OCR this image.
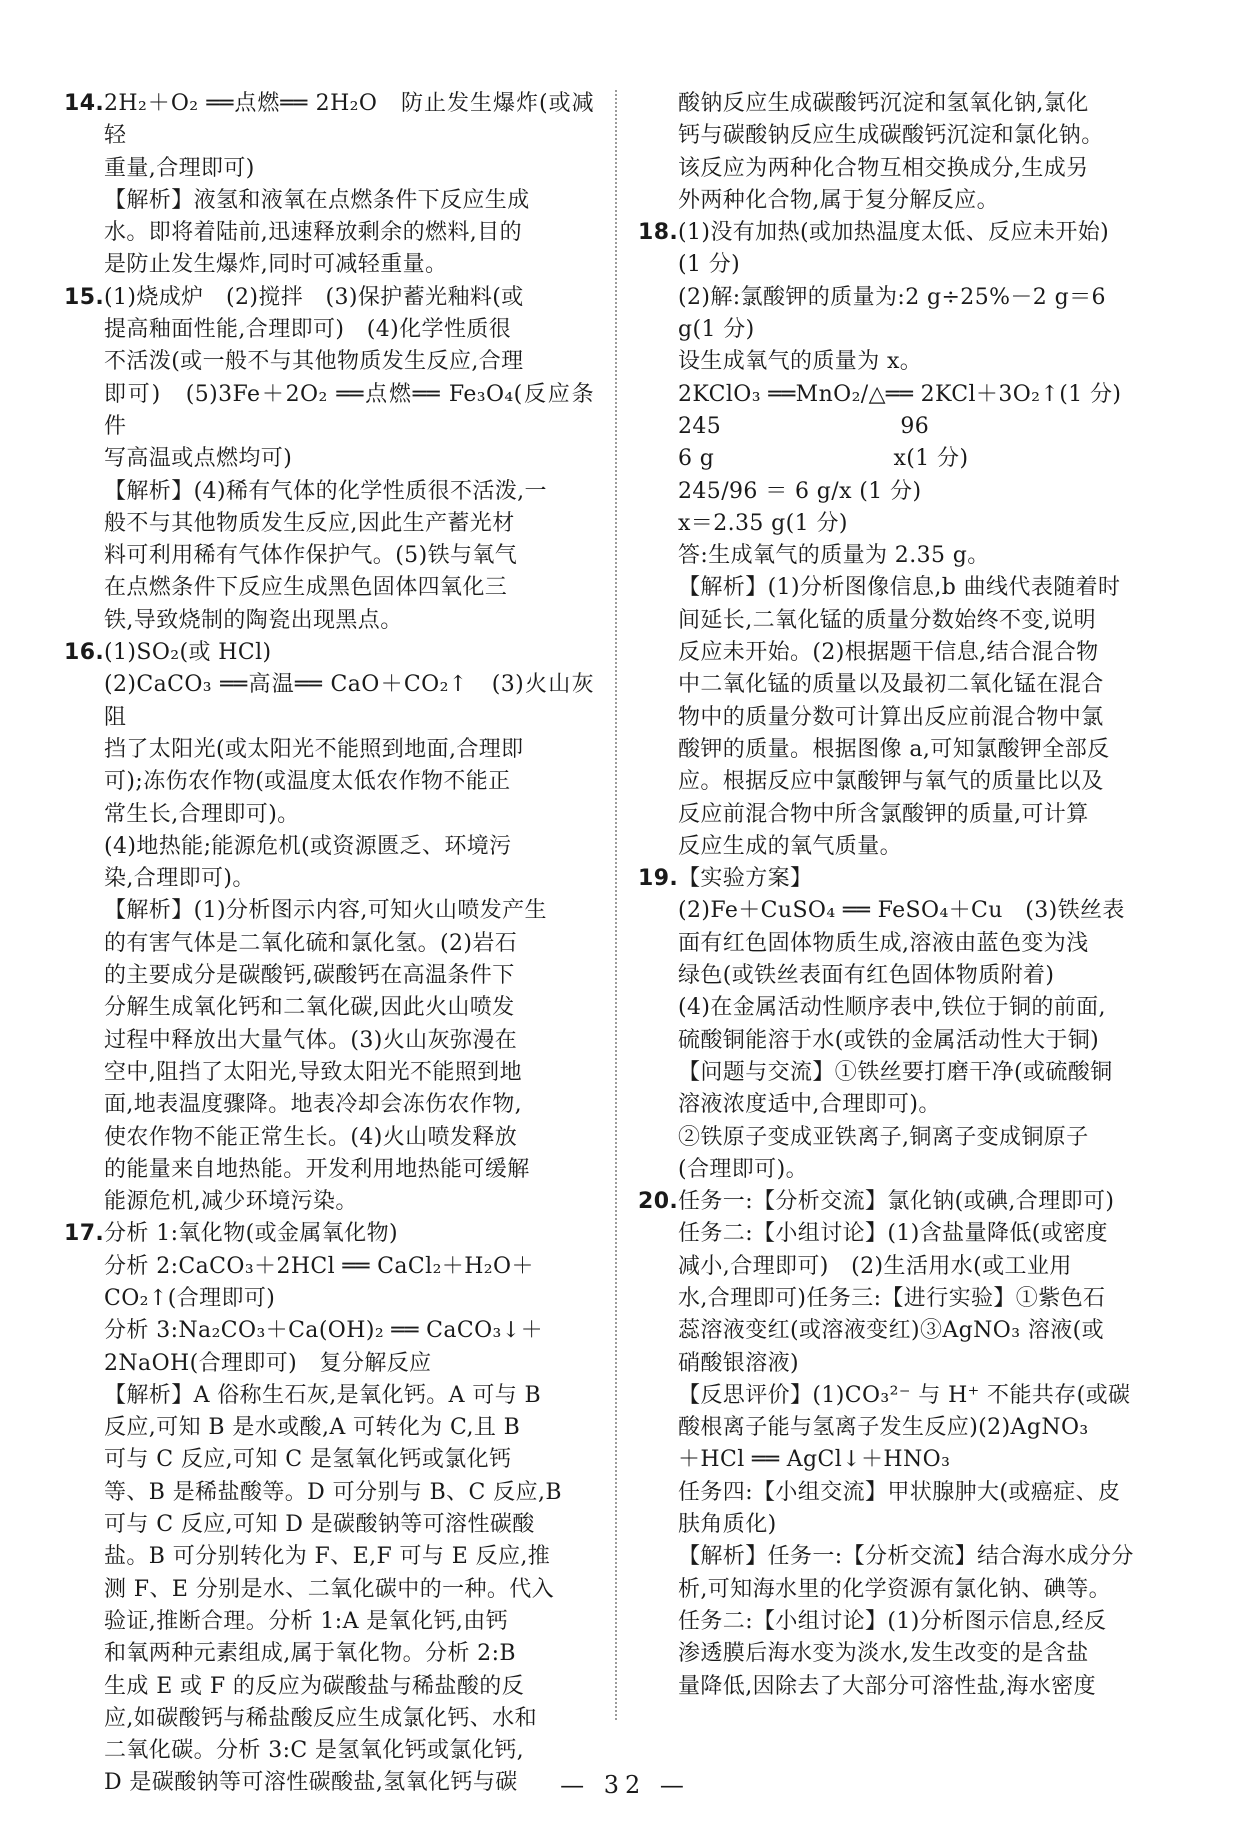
14. 2H₂＋O₂ ══点燃══ 2H₂O　防止发生爆炸(或减轻
重量,合理即可)
【解析】液氢和液氧在点燃条件下反应生成
水。即将着陆前,迅速释放剩余的燃料,目的
是防止发生爆炸,同时可减轻重量。
15. (1)烧成炉　(2)搅拌　(3)保护蓄光釉料(或
提高釉面性能,合理即可)　(4)化学性质很
不活泼(或一般不与其他物质发生反应,合理
即可)　(5)3Fe＋2O₂ ══点燃══ Fe₃O₄(反应条件
写高温或点燃均可)
【解析】(4)稀有气体的化学性质很不活泼,一
般不与其他物质发生反应,因此生产蓄光材
料可利用稀有气体作保护气。(5)铁与氧气
在点燃条件下反应生成黑色固体四氧化三
铁,导致烧制的陶瓷出现黑点。
16. (1)SO₂(或 HCl)
(2)CaCO₃ ══高温══ CaO＋CO₂↑　(3)火山灰阻
挡了太阳光(或太阳光不能照到地面,合理即
可);冻伤农作物(或温度太低农作物不能正
常生长,合理即可)。
(4)地热能;能源危机(或资源匮乏、环境污
染,合理即可)。
【解析】(1)分析图示内容,可知火山喷发产生
的有害气体是二氧化硫和氯化氢。(2)岩石
的主要成分是碳酸钙,碳酸钙在高温条件下
分解生成氧化钙和二氧化碳,因此火山喷发
过程中释放出大量气体。(3)火山灰弥漫在
空中,阻挡了太阳光,导致太阳光不能照到地
面,地表温度骤降。地表冷却会冻伤农作物,
使农作物不能正常生长。(4)火山喷发释放
的能量来自地热能。开发利用地热能可缓解
能源危机,减少环境污染。
17. 分析 1:氧化物(或金属氧化物)
分析 2:CaCO₃＋2HCl ══ CaCl₂＋H₂O＋
CO₂↑(合理即可)
分析 3:Na₂CO₃＋Ca(OH)₂ ══ CaCO₃↓＋
2NaOH(合理即可)　复分解反应
【解析】A 俗称生石灰,是氧化钙。A 可与 B
反应,可知 B 是水或酸,A 可转化为 C,且 B
可与 C 反应,可知 C 是氢氧化钙或氯化钙
等、B 是稀盐酸等。D 可分别与 B、C 反应,B
可与 C 反应,可知 D 是碳酸钠等可溶性碳酸
盐。B 可分别转化为 F、E,F 可与 E 反应,推
测 F、E 分别是水、二氧化碳中的一种。代入
验证,推断合理。分析 1:A 是氧化钙,由钙
和氧两种元素组成,属于氧化物。分析 2:B
生成 E 或 F 的反应为碳酸盐与稀盐酸的反
应,如碳酸钙与稀盐酸反应生成氯化钙、水和
二氧化碳。分析 3:C 是氢氧化钙或氯化钙,
D 是碳酸钠等可溶性碳酸盐,氢氧化钙与碳
酸钠反应生成碳酸钙沉淀和氢氧化钠,氯化
钙与碳酸钠反应生成碳酸钙沉淀和氯化钠。
该反应为两种化合物互相交换成分,生成另
外两种化合物,属于复分解反应。
18. (1)没有加热(或加热温度太低、反应未开始)
(1 分)
(2)解:氯酸钾的质量为:2 g÷25%－2 g＝6
g(1 分)
设生成氧气的质量为 x。
2KClO₃ ══MnO₂/△══ 2KCl＋3O₂↑(1 分)
245　　　　　　　　96
6 g　　　　　　　　x(1 分)
245/96 ＝ 6 g/x (1 分)
x＝2.35 g(1 分)
答:生成氧气的质量为 2.35 g。
【解析】(1)分析图像信息,b 曲线代表随着时
间延长,二氧化锰的质量分数始终不变,说明
反应未开始。(2)根据题干信息,结合混合物
中二氧化锰的质量以及最初二氧化锰在混合
物中的质量分数可计算出反应前混合物中氯
酸钾的质量。根据图像 a,可知氯酸钾全部反
应。根据反应中氯酸钾与氧气的质量比以及
反应前混合物中所含氯酸钾的质量,可计算
反应生成的氧气质量。
19. 【实验方案】
(2)Fe＋CuSO₄ ══ FeSO₄＋Cu　(3)铁丝表
面有红色固体物质生成,溶液由蓝色变为浅
绿色(或铁丝表面有红色固体物质附着)
(4)在金属活动性顺序表中,铁位于铜的前面,
硫酸铜能溶于水(或铁的金属活动性大于铜)
【问题与交流】①铁丝要打磨干净(或硫酸铜
溶液浓度适中,合理即可)。
②铁原子变成亚铁离子,铜离子变成铜原子
(合理即可)。
20. 任务一:【分析交流】氯化钠(或碘,合理即可)
任务二:【小组讨论】(1)含盐量降低(或密度
减小,合理即可)　(2)生活用水(或工业用
水,合理即可)任务三:【进行实验】①紫色石
蕊溶液变红(或溶液变红)③AgNO₃ 溶液(或
硝酸银溶液)
【反思评价】(1)CO₃²⁻ 与 H⁺ 不能共存(或碳
酸根离子能与氢离子发生反应)(2)AgNO₃
＋HCl ══ AgCl↓＋HNO₃
任务四:【小组交流】甲状腺肿大(或癌症、皮
肤角质化)
【解析】任务一:【分析交流】结合海水成分分
析,可知海水里的化学资源有氯化钠、碘等。
任务二:【小组讨论】(1)分析图示信息,经反
渗透膜后海水变为淡水,发生改变的是含盐
量降低,因除去了大部分可溶性盐,海水密度
— 32 —
